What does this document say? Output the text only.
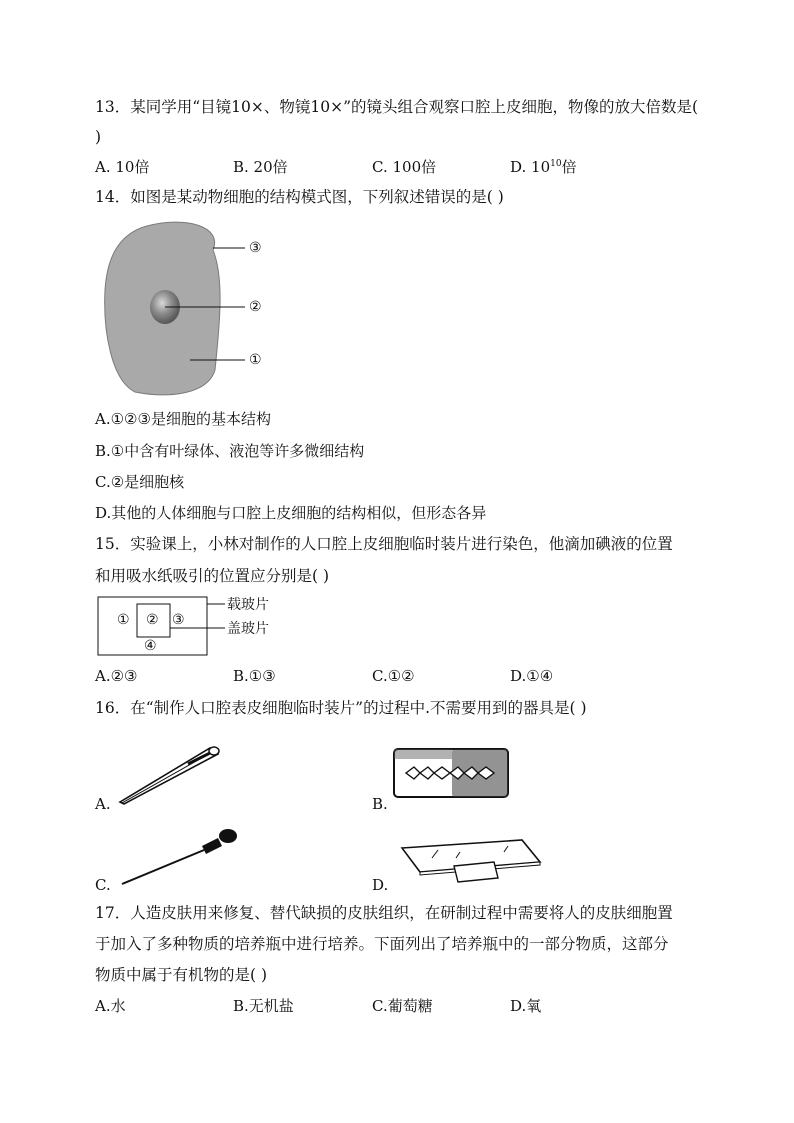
13．某同学用“目镜10×、物镜10×”的镜头组合观察口腔上皮细胞，物像的放大倍数是(
)
A. 10倍	B. 20倍	C. 100倍	D. $10^{10}$倍
14．如图是某动物细胞的结构模式图，下列叙述错误的是( )
③
②
①
A.①②③是细胞的基本结构
B.①中含有叶绿体、液泡等许多微细结构
C.②是细胞核
D.其他的人体细胞与口腔上皮细胞的结构相似，但形态各异
15．实验课上，小林对制作的人口腔上皮细胞临时装片进行染色，他滴加碘液的位置
和用吸水纸吸引的位置应分别是( )
① ② ③
④
载玻片
盖玻片
A.②③	B.①③	C.①②	D.①④
16．在“制作人口腔表皮细胞临时装片”的过程中.不需要用到的器具是( )
A.	B.
C.	D.
17．人造皮肤用来修复、替代缺损的皮肤组织，在研制过程中需要将人的皮肤细胞置
于加入了多种物质的培养瓶中进行培养。下面列出了培养瓶中的一部分物质，这部分
物质中属于有机物的是( )
A.水	B.无机盐	C.葡萄糖	D.氧
